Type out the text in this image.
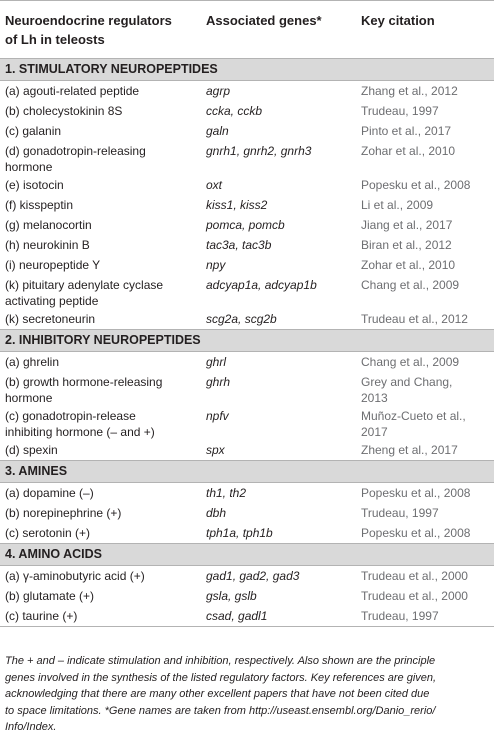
Neuroendocrine regulators
of Lh in teleosts
Associated genes*	Key citation
1. STIMULATORY NEUROPEPTIDES
(a) agouti-related peptide	agrp	Zhang et al., 2012
(b) cholecystokinin 8S	ccka, cckb	Trudeau, 1997
(c) galanin	galn	Pinto et al., 2017
(d) gonadotropin-releasing
hormone
gnrh1, gnrh2, gnrh3	Zohar et al., 2010
(e) isotocin	oxt	Popesku et al., 2008
(f) kisspeptin	kiss1, kiss2	Li et al., 2009
(g) melanocortin	pomca, pomcb	Jiang et al., 2017
(h) neurokinin B	tac3a, tac3b	Biran et al., 2012
(i) neuropeptide Y	npy	Zohar et al., 2010
(k) pituitary adenylate cyclase
activating peptide
adcyap1a, adcyap1b	Chang et al., 2009
(k) secretoneurin	scg2a, scg2b	Trudeau et al., 2012
2. INHIBITORY NEUROPEPTIDES
(a) ghrelin	ghrl	Chang et al., 2009
(b) growth hormone-releasing
hormone
ghrh	Grey and Chang,
2013
(c) gonadotropin-release
inhibiting hormone (– and +)
npfv	Muñoz-Cueto et al.,
2017
(d) spexin	spx	Zheng et al., 2017
3. AMINES
(a) dopamine (–)	th1, th2	Popesku et al., 2008
(b) norepinephrine (+)	dbh	Trudeau, 1997
(c) serotonin (+)	tph1a, tph1b	Popesku et al., 2008
4. AMINO ACIDS
(a) γ-aminobutyric acid (+)	gad1, gad2, gad3	Trudeau et al., 2000
(b) glutamate (+)	gsla, gslb	Trudeau et al., 2000
(c) taurine (+)	csad, gadl1	Trudeau, 1997
The + and – indicate stimulation and inhibition, respectively. Also shown are the principle
genes involved in the synthesis of the listed regulatory factors. Key references are given,
acknowledging that there are many other excellent papers that have not been cited due
to space limitations. *Gene names are taken from http://useast.ensembl.org/Danio_rerio/
Info/Index.
